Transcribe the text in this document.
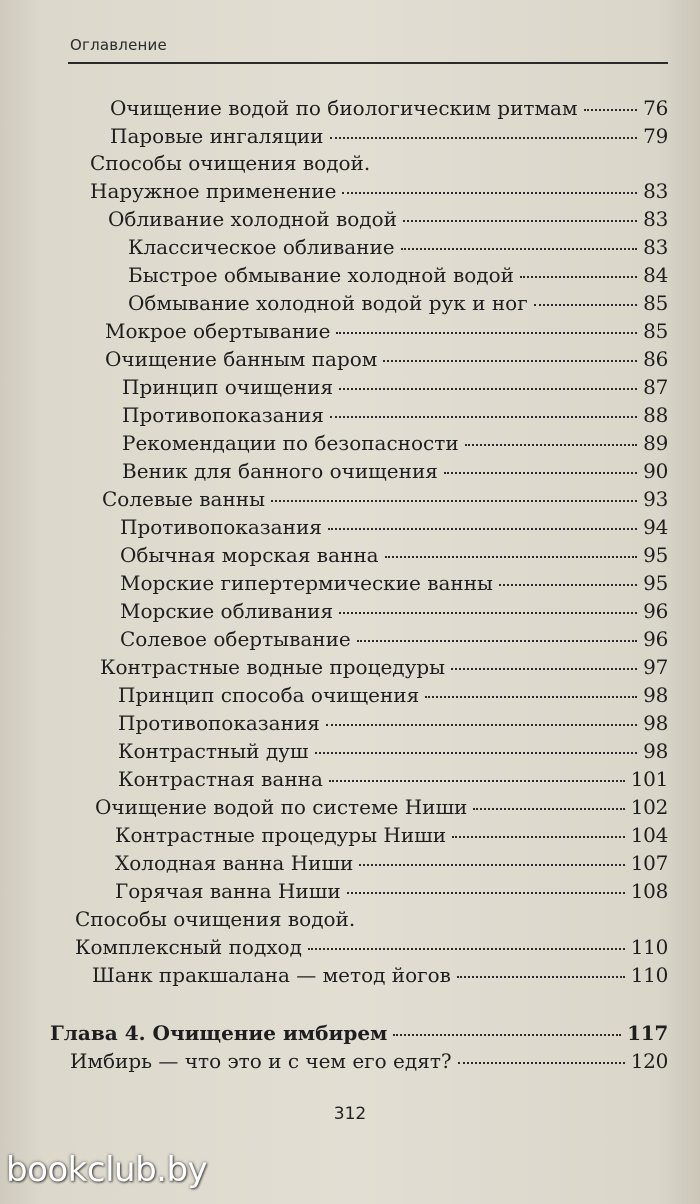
Оглавление
Очищение водой по биологическим ритмам	76
Паровые ингаляции	79
Способы очищения водой.
Наружное применение	83
Обливание холодной водой	83
Классическое обливание	83
Быстрое обмывание холодной водой	84
Обмывание холодной водой рук и ног	85
Мокрое обертывание	85
Очищение банным паром	86
Принцип очищения	87
Противопоказания	88
Рекомендации по безопасности	89
Веник для банного очищения	90
Солевые ванны	93
Противопоказания	94
Обычная морская ванна	95
Морские гипертермические ванны	95
Морские обливания	96
Солевое обертывание	96
Контрастные водные процедуры	97
Принцип способа очищения	98
Противопоказания	98
Контрастный душ	98
Контрастная ванна	101
Очищение водой по системе Ниши	102
Контрастные процедуры Ниши	104
Холодная ванна Ниши	107
Горячая ванна Ниши	108
Способы очищения водой.
Комплексный подход	110
Шанк пракшалана — метод йогов	110
Глава 4. Очищение имбирем	117
Имбирь — что это и с чем его едят?	120
312
bookclub.by
